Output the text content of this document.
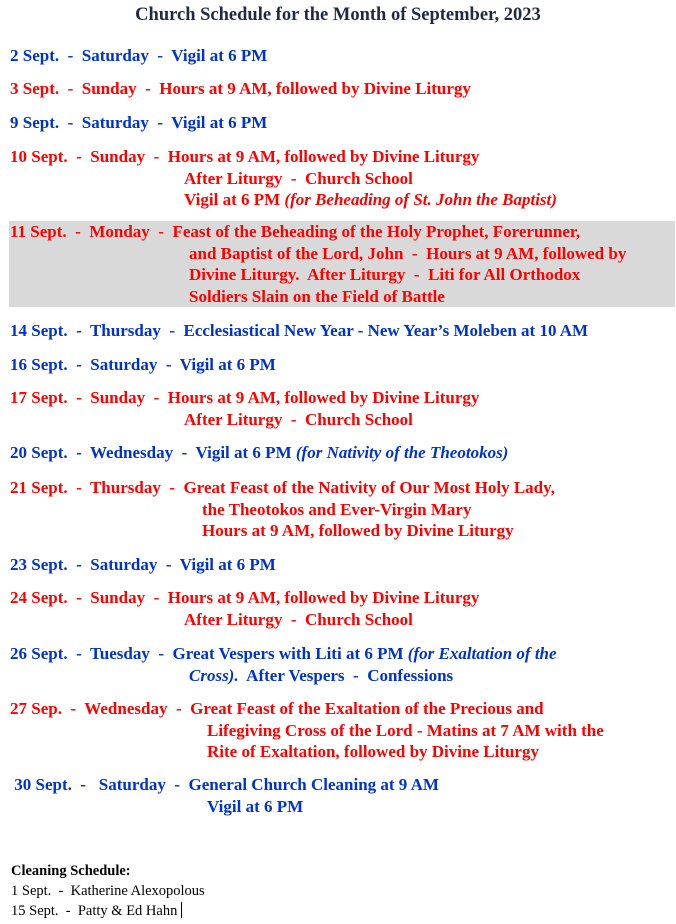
Church Schedule for the Month of September, 2023
2 Sept.  -  Saturday  -  Vigil at 6 PM
3 Sept.  -  Sunday  -  Hours at 9 AM, followed by Divine Liturgy
9 Sept.  -  Saturday  -  Vigil at 6 PM
10 Sept.  -  Sunday  -  Hours at 9 AM, followed by Divine Liturgy
After Liturgy  -  Church School
Vigil at 6 PM (for Beheading of St. John the Baptist)
11 Sept.  -  Monday  -  Feast of the Beheading of the Holy Prophet, Forerunner,
and Baptist of the Lord, John  -  Hours at 9 AM, followed by
Divine Liturgy.  After Liturgy  -  Liti for All Orthodox
Soldiers Slain on the Field of Battle
14 Sept.  -  Thursday  -  Ecclesiastical New Year - New Year’s Moleben at 10 AM
16 Sept.  -  Saturday  -  Vigil at 6 PM
17 Sept.  -  Sunday  -  Hours at 9 AM, followed by Divine Liturgy
After Liturgy  -  Church School
20 Sept.  -  Wednesday  -  Vigil at 6 PM (for Nativity of the Theotokos)
21 Sept.  -  Thursday  -  Great Feast of the Nativity of Our Most Holy Lady,
the Theotokos and Ever-Virgin Mary
Hours at 9 AM, followed by Divine Liturgy
23 Sept.  -  Saturday  -  Vigil at 6 PM
24 Sept.  -  Sunday  -  Hours at 9 AM, followed by Divine Liturgy
After Liturgy  -  Church School
26 Sept.  -  Tuesday  -  Great Vespers with Liti at 6 PM (for Exaltation of the
Cross).  After Vespers  -  Confessions
27 Sep.  -  Wednesday  -  Great Feast of the Exaltation of the Precious and
Lifegiving Cross of the Lord - Matins at 7 AM with the
Rite of Exaltation, followed by Divine Liturgy
30 Sept.  -   Saturday  -  General Church Cleaning at 9 AM
Vigil at 6 PM
Cleaning Schedule:
1 Sept.  -  Katherine Alexopolous
15 Sept.  -  Patty & Ed Hahn
